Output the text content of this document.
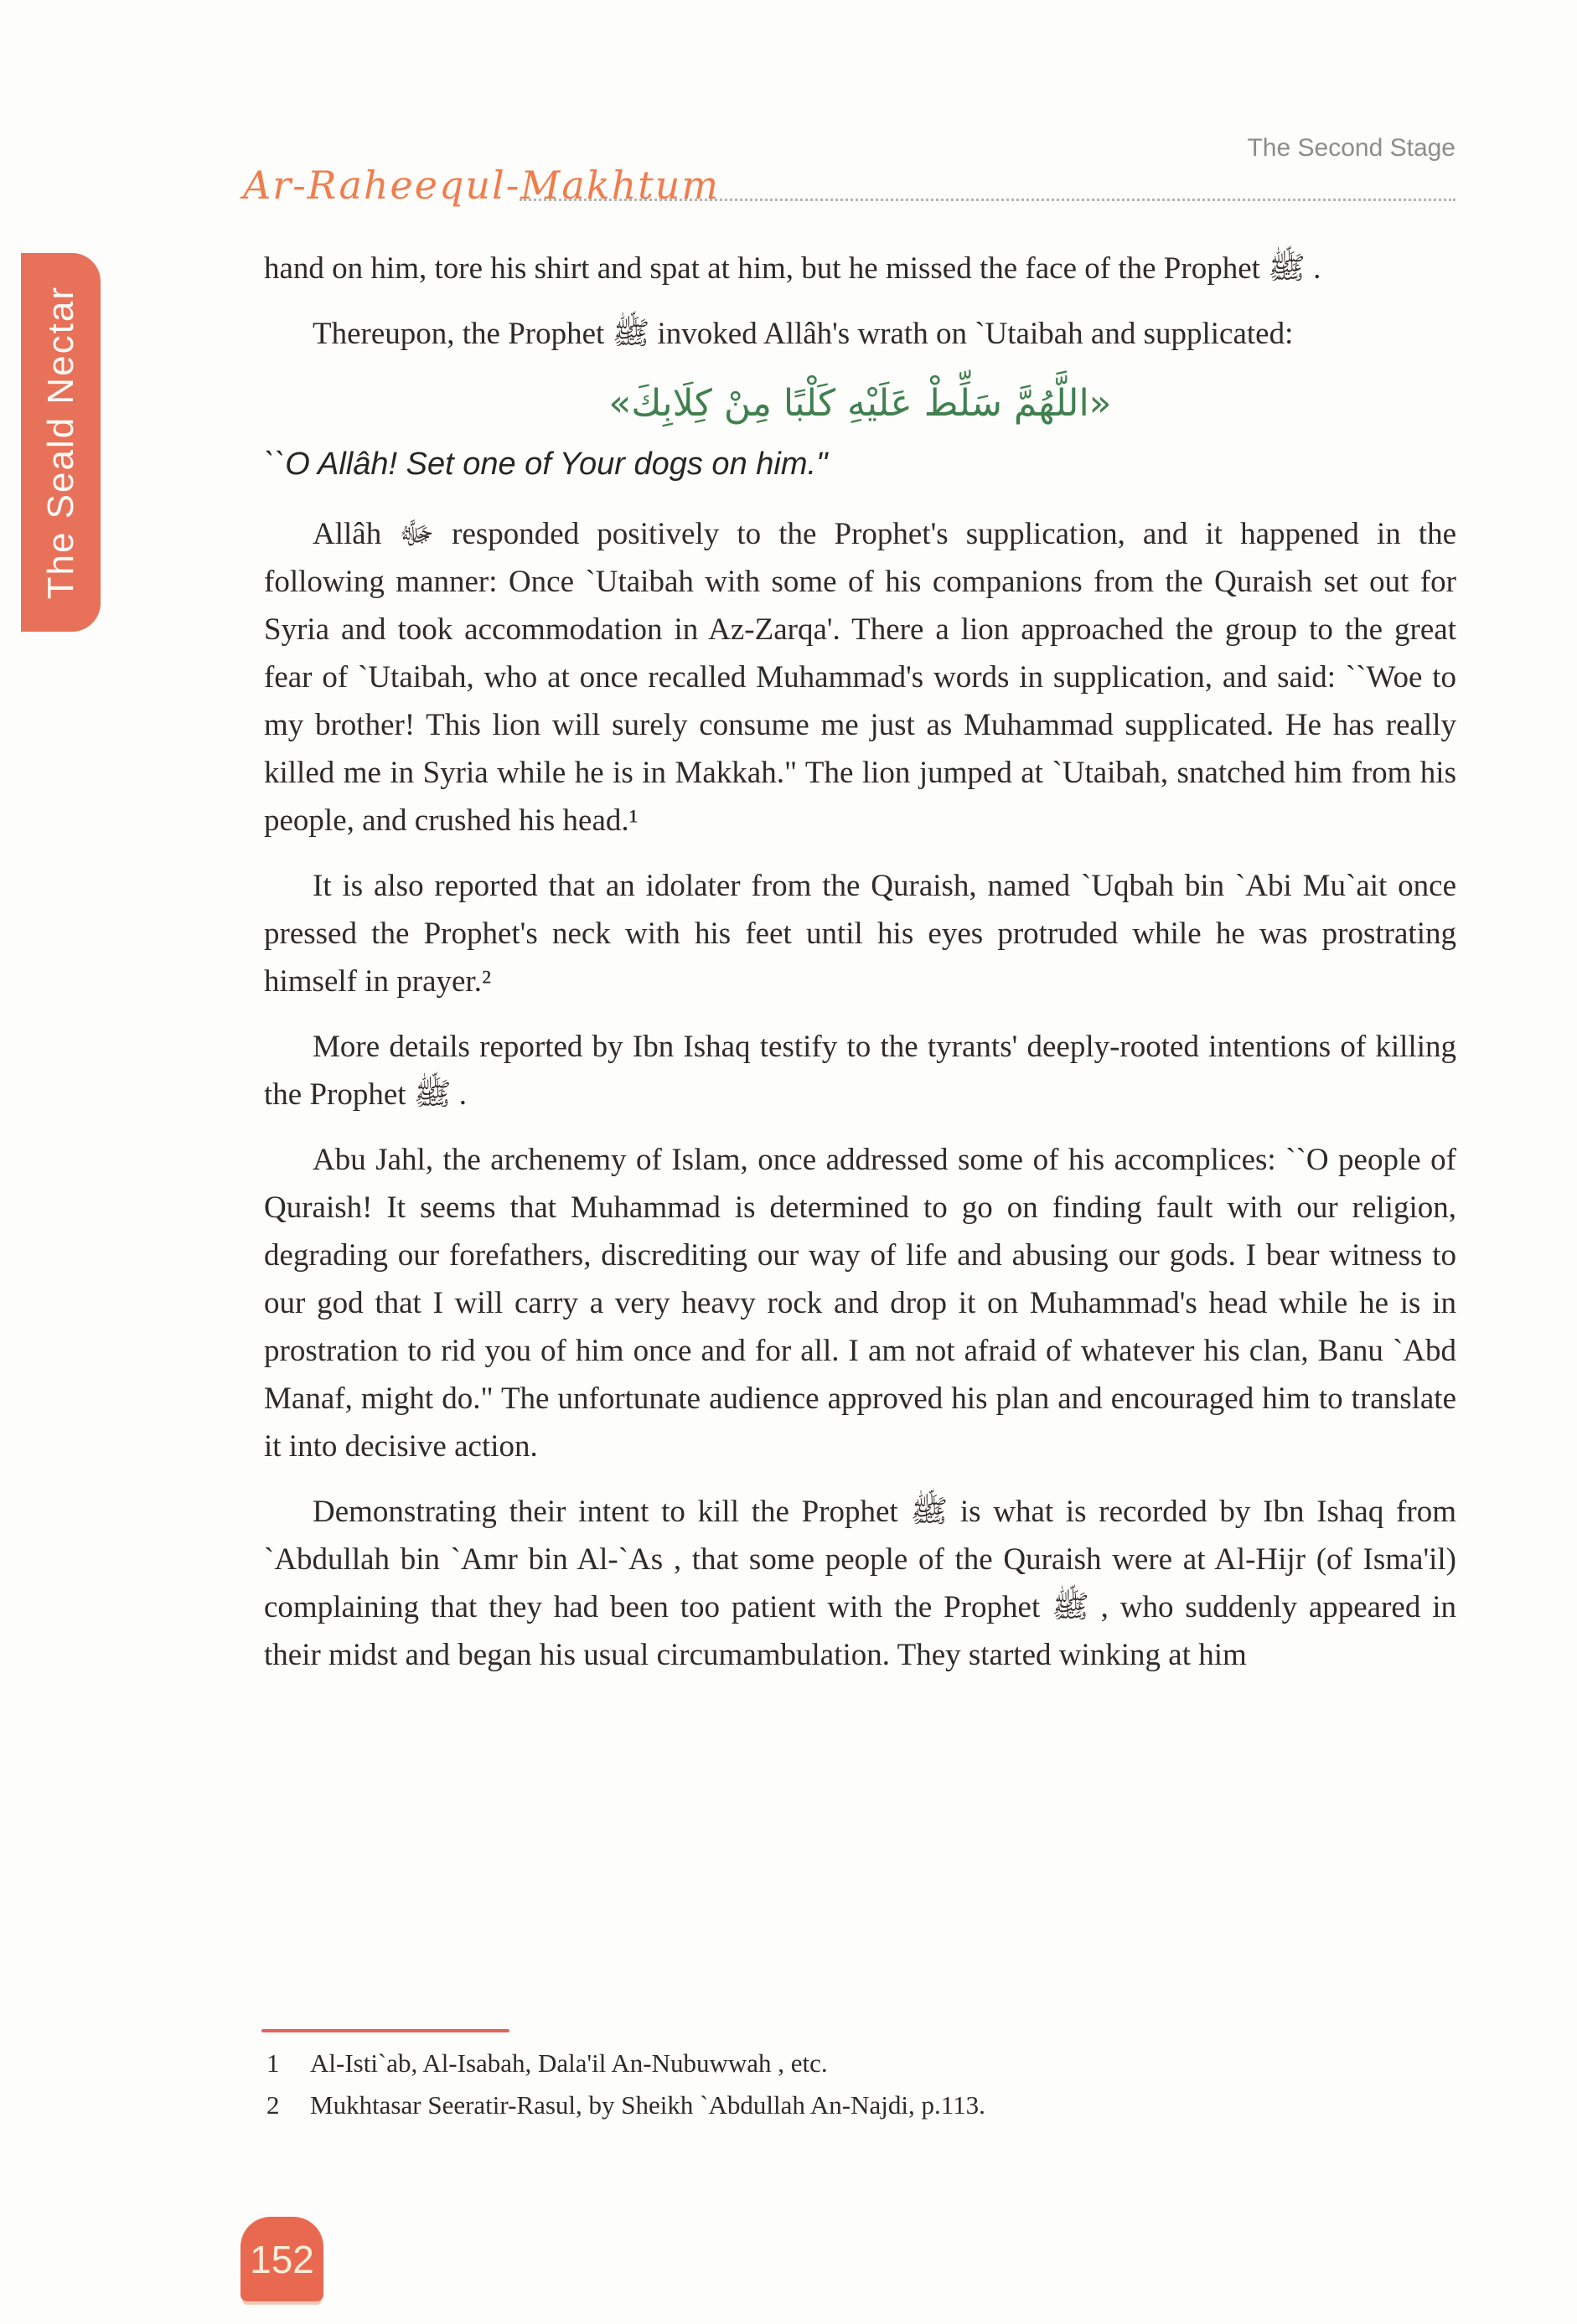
Ar-Raheequl-Makhtum
The Second Stage
The Seald Nectar

hand on him, tore his shirt and spat at him, but he missed the face of the Prophet ﷺ .

Thereupon, the Prophet ﷺ invoked Allâh's wrath on `Utaibah and supplicated:

«اللَّهُمَّ سَلِّطْ عَلَيْهِ كَلْبًا مِنْ كِلَابِكَ»

``O Allâh! Set one of Your dogs on him."

Allâh ﷻ responded positively to the Prophet's supplication, and it happened in the following manner: Once `Utaibah with some of his companions from the Quraish set out for Syria and took accommodation in Az-Zarqa'. There a lion approached the group to the great fear of `Utaibah, who at once recalled Muhammad's words in supplication, and said: ``Woe to my brother! This lion will surely consume me just as Muhammad supplicated. He has really killed me in Syria while he is in Makkah." The lion jumped at `Utaibah, snatched him from his people, and crushed his head.¹

It is also reported that an idolater from the Quraish, named `Uqbah bin `Abi Mu`ait once pressed the Prophet's neck with his feet until his eyes protruded while he was prostrating himself in prayer.²

More details reported by Ibn Ishaq testify to the tyrants' deeply-rooted intentions of killing the Prophet ﷺ .

Abu Jahl, the archenemy of Islam, once addressed some of his accomplices: ``O people of Quraish! It seems that Muhammad is determined to go on finding fault with our religion, degrading our forefathers, discrediting our way of life and abusing our gods. I bear witness to our god that I will carry a very heavy rock and drop it on Muhammad's head while he is in prostration to rid you of him once and for all. I am not afraid of whatever his clan, Banu `Abd Manaf, might do." The unfortunate audience approved his plan and encouraged him to translate it into decisive action.

Demonstrating their intent to kill the Prophet ﷺ is what is recorded by Ibn Ishaq from `Abdullah bin `Amr bin Al-`As , that some people of the Quraish were at Al-Hijr (of Isma'il) complaining that they had been too patient with the Prophet ﷺ , who suddenly appeared in their midst and began his usual circumambulation. They started winking at him

1	Al-Isti`ab, Al-Isabah, Dala'il An-Nubuwwah , etc.
2	Mukhtasar Seeratir-Rasul, by Sheikh `Abdullah An-Najdi, p.113.
152
